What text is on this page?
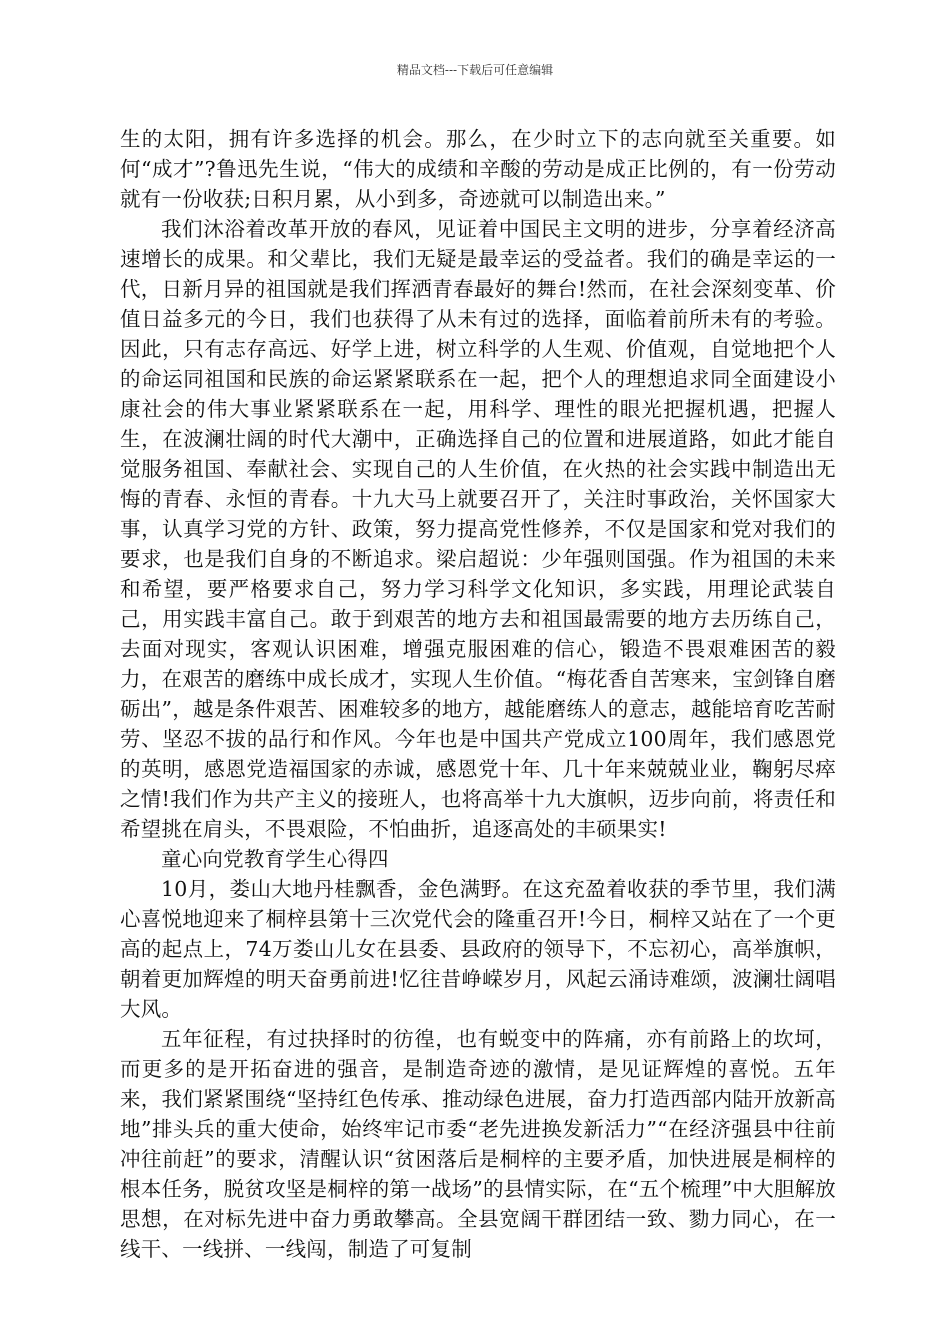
精品文档---下载后可任意编辑

生的太阳，拥有许多选择的机会。那么，在少时立下的志向就至关重要。如何“成才”?鲁迅先生说，“伟大的成绩和辛酸的劳动是成正比例的，有一份劳动就有一份收获;日积月累，从小到多，奇迹就可以制造出来。”

我们沐浴着改革开放的春风，见证着中国民主文明的进步，分享着经济高速增长的成果。和父辈比，我们无疑是最幸运的受益者。我们的确是幸运的一代，日新月异的祖国就是我们挥洒青春最好的舞台!然而，在社会深刻变革、价值日益多元的今日，我们也获得了从未有过的选择，面临着前所未有的考验。因此，只有志存高远、好学上进，树立科学的人生观、价值观，自觉地把个人的命运同祖国和民族的命运紧紧联系在一起，把个人的理想追求同全面建设小康社会的伟大事业紧紧联系在一起，用科学、理性的眼光把握机遇，把握人生，在波澜壮阔的时代大潮中，正确选择自己的位置和进展道路，如此才能自觉服务祖国、奉献社会、实现自己的人生价值，在火热的社会实践中制造出无悔的青春、永恒的青春。十九大马上就要召开了，关注时事政治，关怀国家大事，认真学习党的方针、政策，努力提高党性修养，不仅是国家和党对我们的要求，也是我们自身的不断追求。梁启超说：少年强则国强。作为祖国的未来和希望，要严格要求自己，努力学习科学文化知识，多实践，用理论武装自己，用实践丰富自己。敢于到艰苦的地方去和祖国最需要的地方去历练自己，去面对现实，客观认识困难，增强克服困难的信心，锻造不畏艰难困苦的毅力，在艰苦的磨练中成长成才，实现人生价值。“梅花香自苦寒来，宝剑锋自磨砺出”，越是条件艰苦、困难较多的地方，越能磨练人的意志，越能培育吃苦耐劳、坚忍不拔的品行和作风。今年也是中国共产党成立100周年，我们感恩党的英明，感恩党造福国家的赤诚，感恩党十年、几十年来兢兢业业，鞠躬尽瘁之情!我们作为共产主义的接班人，也将高举十九大旗帜，迈步向前，将责任和希望挑在肩头，不畏艰险，不怕曲折，追逐高处的丰硕果实!

童心向党教育学生心得四

10月，娄山大地丹桂飘香，金色满野。在这充盈着收获的季节里，我们满心喜悦地迎来了桐梓县第十三次党代会的隆重召开!今日，桐梓又站在了一个更高的起点上，74万娄山儿女在县委、县政府的领导下，不忘初心，高举旗帜，朝着更加辉煌的明天奋勇前进!忆往昔峥嵘岁月，风起云涌诗难颂，波澜壮阔唱大风。

五年征程，有过抉择时的彷徨，也有蜕变中的阵痛，亦有前路上的坎坷，而更多的是开拓奋进的强音，是制造奇迹的激情，是见证辉煌的喜悦。五年来，我们紧紧围绕“坚持红色传承、推动绿色进展，奋力打造西部内陆开放新高地”排头兵的重大使命，始终牢记市委“老先进换发新活力”“在经济强县中往前冲往前赶”的要求，清醒认识“贫困落后是桐梓的主要矛盾，加快进展是桐梓的根本任务，脱贫攻坚是桐梓的第一战场”的县情实际，在“五个梳理”中大胆解放思想，在对标先进中奋力勇敢攀高。全县宽阔干群团结一致、勠力同心，在一线干、一线拼、一线闯，制造了可复制
